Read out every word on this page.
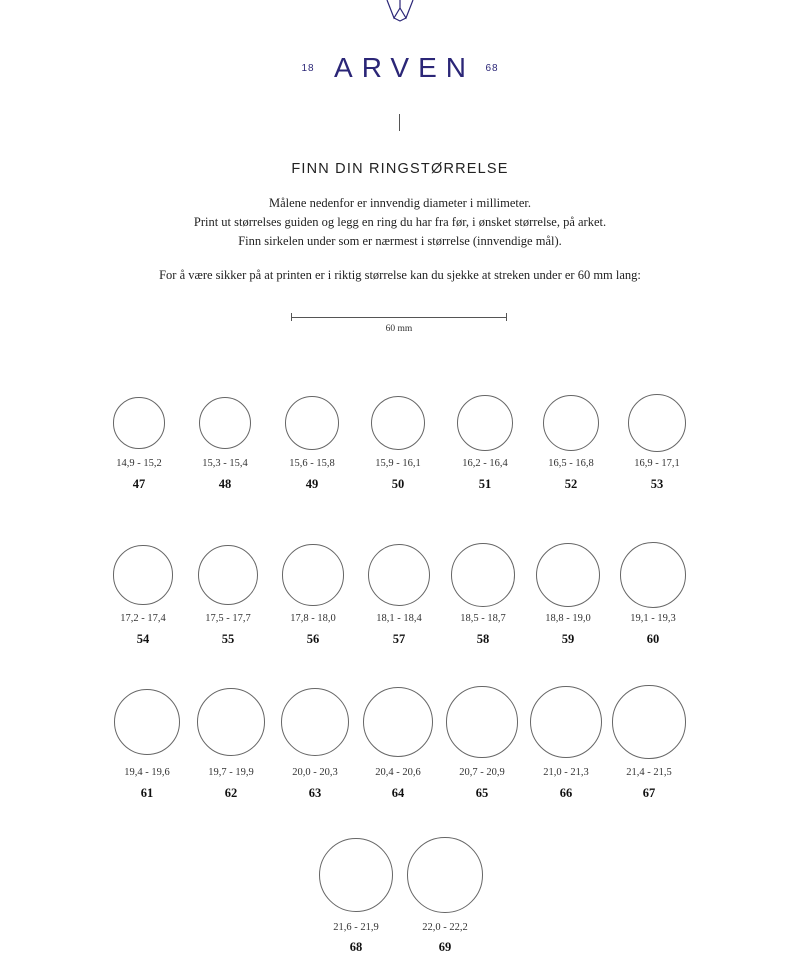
18 ARVEN 68
FINN DIN RINGSTØRRELSE
Målene nedenfor er innvendig diameter i millimeter.
Print ut størrelses guiden og legg en ring du har fra før, i ønsket størrelse, på arket.
Finn sirkelen under som er nærmest i størrelse (innvendige mål).
For å være sikker på at printen er i riktig størrelse kan du sjekke at streken under er 60 mm lang:
60 mm
14,9 - 15,2
47
15,3 - 15,4
48
15,6 - 15,8
49
15,9 - 16,1
50
16,2 - 16,4
51
16,5 - 16,8
52
16,9 - 17,1
53
17,2 - 17,4
54
17,5 - 17,7
55
17,8 - 18,0
56
18,1 - 18,4
57
18,5 - 18,7
58
18,8 - 19,0
59
19,1 - 19,3
60
19,4 - 19,6
61
19,7 - 19,9
62
20,0 - 20,3
63
20,4 - 20,6
64
20,7 - 20,9
65
21,0 - 21,3
66
21,4 - 21,5
67
21,6 - 21,9
68
22,0 - 22,2
69
